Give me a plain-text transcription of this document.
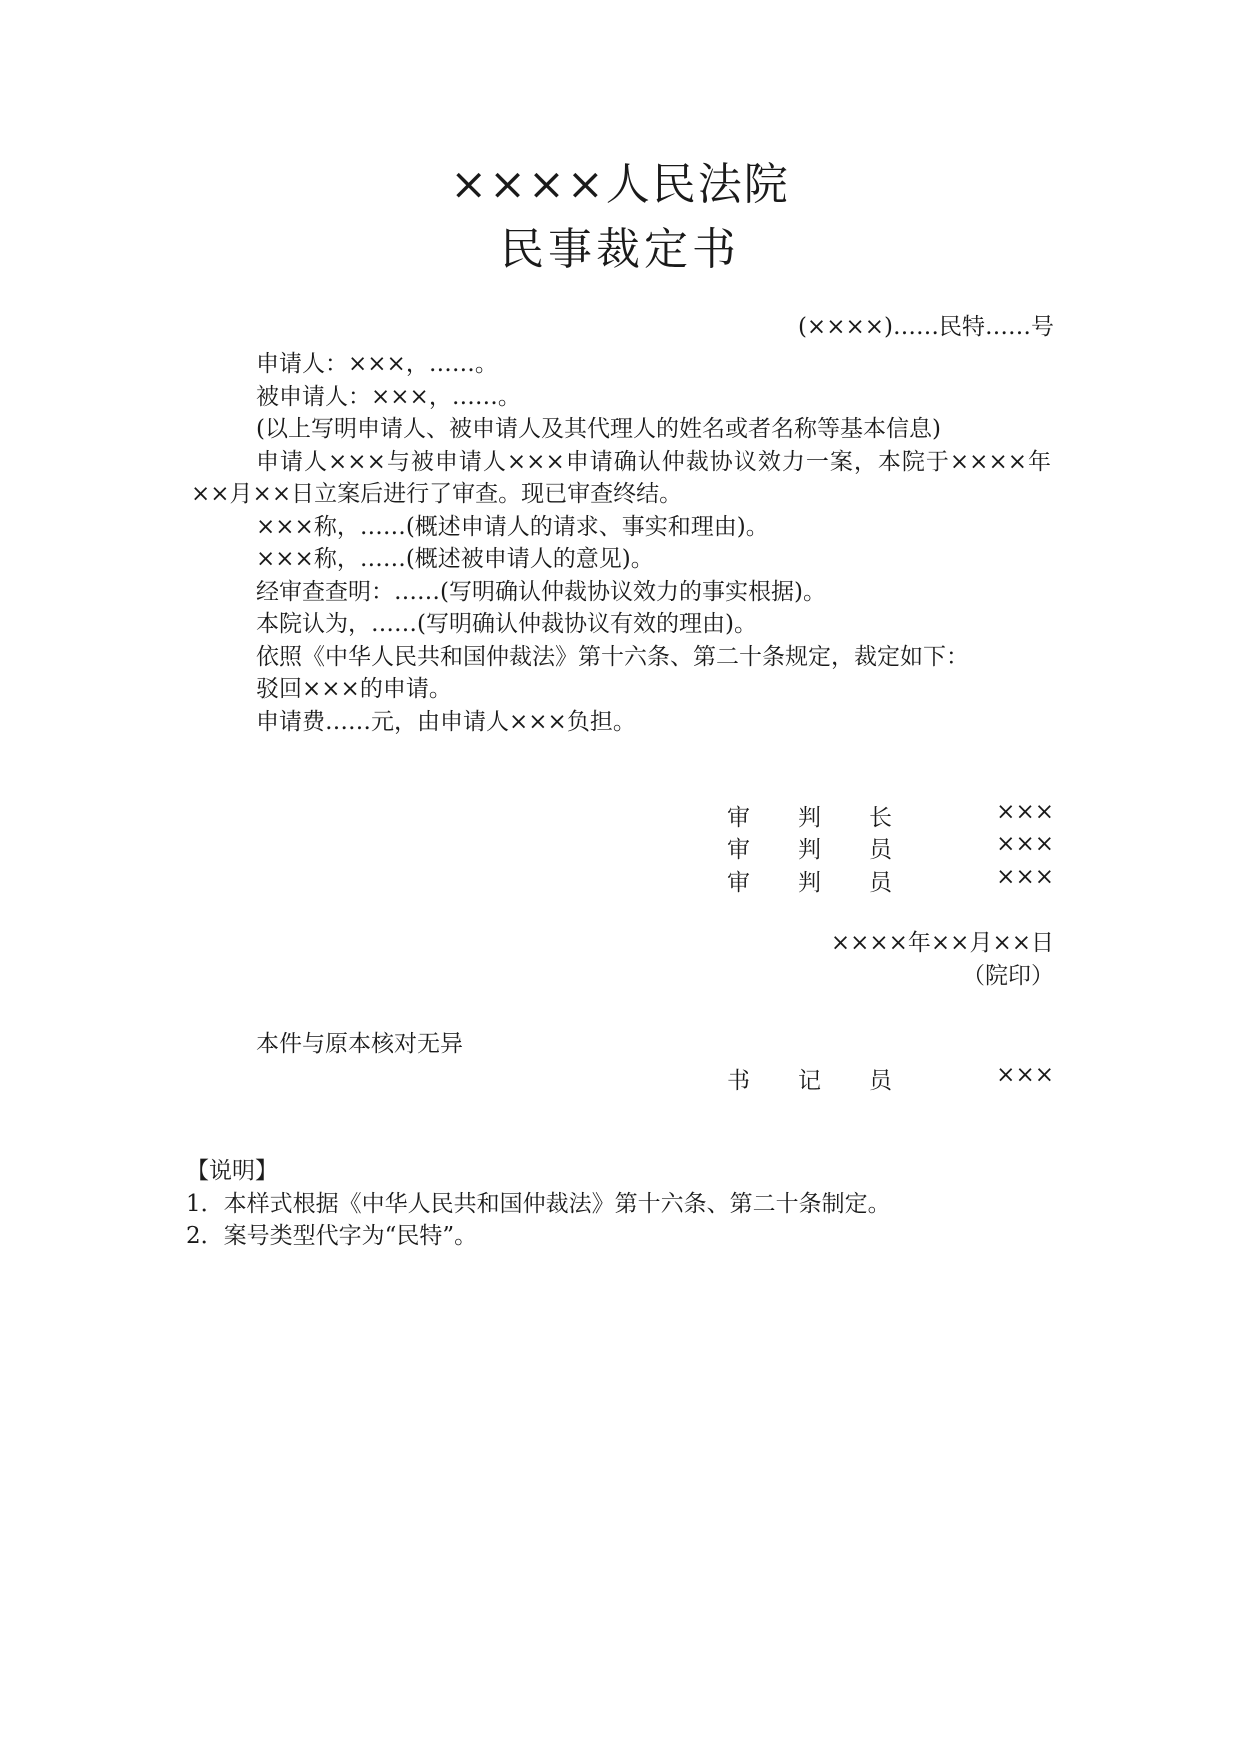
××××人民法院
民事裁定书
(××××)……民特……号

申请人：×××，……。

被申请人：×××，……。

(以上写明申请人、被申请人及其代理人的姓名或者名称等基本信息)

申请人×××与被申请人×××申请确认仲裁协议效力一案，本院于××××年××月××日立案后进行了审查。现已审查终结。

×××称，……(概述申请人的请求、事实和理由)。

×××称，……(概述被申请人的意见)。

经审查查明：……(写明确认仲裁协议效力的事实根据)。

本院认为，……(写明确认仲裁协议有效的理由)。

依照《中华人民共和国仲裁法》第十六条、第二十条规定，裁定如下：

驳回×××的申请。

申请费……元，由申请人×××负担。

审 判 长	×××
审 判 员	×××
审 判 员	×××
××××年××月××日
（院印）
本件与原本核对无异
书 记 员	×××
【说明】
1．本样式根据《中华人民共和国仲裁法》第十六条、第二十条制定。
2．案号类型代字为“民特”。
